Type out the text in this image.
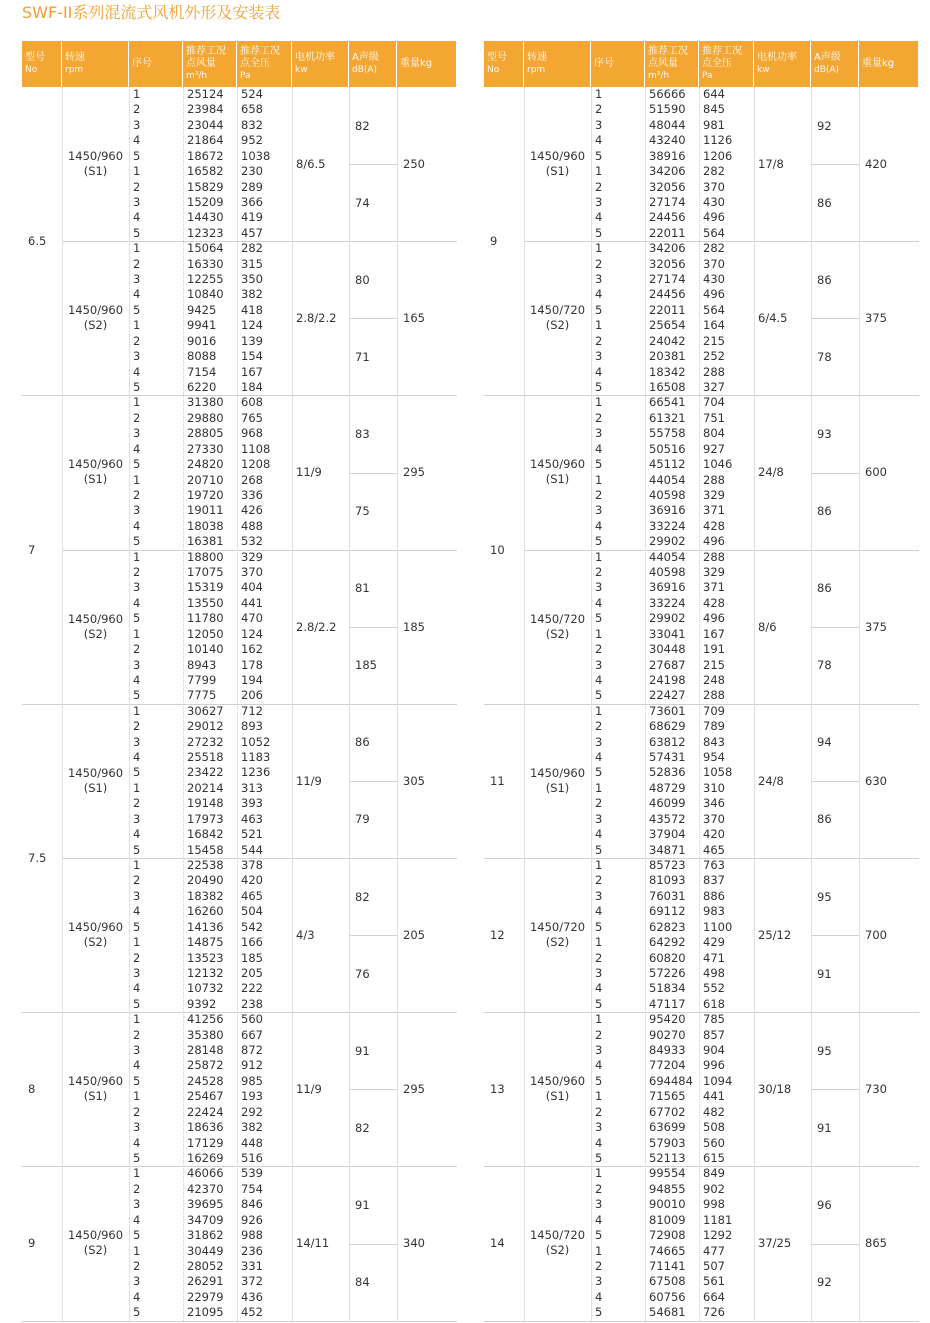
SWF-II系列混流式风机外形及安装表
型号
No
转速
rpm
序号
推荐工况
点风量
m³/h
推荐工况
点全压
Pa
电机功率
kw
A声级
dB(A)
重量kg
6.5
1450/960
(S1)	8/6.5	250
82
74
1	25124	524
2	23984	658
3	23044	832
4	21864	952
5	18672	1038
1	16582	230
2	15829	289
3	15209	366
4	14430	419
5	12323	457
1450/960
(S2)	2.8/2.2	165
80
71
1	15064	282
2	16330	315
3	12255	350
4	10840	382
5	9425	418
1	9941	124
2	9016	139
3	8088	154
4	7154	167
5	6220	184
7
1450/960
(S1)	11/9	295
83
75
1	31380	608
2	29880	765
3	28805	968
4	27330	1108
5	24820	1208
1	20710	268
2	19720	336
3	19011	426
4	18038	488
5	16381	532
1450/960
(S2)	2.8/2.2	185
81
185
1	18800	329
2	17075	370
3	15319	404
4	13550	441
5	11780	470
1	12050	124
2	10140	162
3	8943	178
4	7799	194
5	7775	206
7.5
1450/960
(S1)	11/9	305
86
79
1	30627	712
2	29012	893
3	27232	1052
4	25518	1183
5	23422	1236
1	20214	313
2	19148	393
3	17973	463
4	16842	521
5	15458	544
1450/960
(S2)	4/3	205
82
76
1	22538	378
2	20490	420
3	18382	465
4	16260	504
5	14136	542
1	14875	166
2	13523	185
3	12132	205
4	10732	222
5	9392	238
8
1450/960
(S1)	11/9	295
91
82
1	41256	560
2	35380	667
3	28148	872
4	25872	912
5	24528	985
1	25467	193
2	22424	292
3	18636	382
4	17129	448
5	16269	516
9
1450/960
(S2)	14/11	340
91
84
1	46066	539
2	42370	754
3	39695	846
4	34709	926
5	31862	988
1	30449	236
2	28052	331
3	26291	372
4	22979	436
5	21095	452
型号
No
转速
rpm
序号
推荐工况
点风量
m³/h
推荐工况
点全压
Pa
电机功率
kw
A声级
dB(A)
重量kg
9
1450/960
(S1)	17/8	420
92
86
1	56666	644
2	51590	845
3	48044	981
4	43240	1126
5	38916	1206
1	34206	282
2	32056	370
3	27174	430
4	24456	496
5	22011	564
1450/720
(S2)	6/4.5	375
86
78
1	34206	282
2	32056	370
3	27174	430
4	24456	496
5	22011	564
1	25654	164
2	24042	215
3	20381	252
4	18342	288
5	16508	327
10
1450/960
(S1)	24/8	600
93
86
1	66541	704
2	61321	751
3	55758	804
4	50516	927
5	45112	1046
1	44054	288
2	40598	329
3	36916	371
4	33224	428
5	29902	496
1450/720
(S2)	8/6	375
86
78
1	44054	288
2	40598	329
3	36916	371
4	33224	428
5	29902	496
1	33041	167
2	30448	191
3	27687	215
4	24198	248
5	22427	288
11
1450/960
(S1)	24/8	630
94
86
1	73601	709
2	68629	789
3	63812	843
4	57431	954
5	52836	1058
1	48729	310
2	46099	346
3	43572	370
4	37904	420
5	34871	465
12
1450/720
(S2)	25/12	700
95
91
1	85723	763
2	81093	837
3	76031	886
4	69112	983
5	62823	1100
1	64292	429
2	60820	471
3	57226	498
4	51834	552
5	47117	618
13
1450/960
(S1)	30/18	730
95
91
1	95420	785
2	90270	857
3	84933	904
4	77204	996
5	694484 1094
1	71565	441
2	67702	482
3	63699	508
4	57903	560
5	52113	615
14
1450/720
(S2)	37/25	865
96
92
1	99554	849
2	94855	902
3	90010	998
4	81009	1181
5	72908	1292
1	74665	477
2	71141	507
3	67508	561
4	60756	664
5	54681	726
